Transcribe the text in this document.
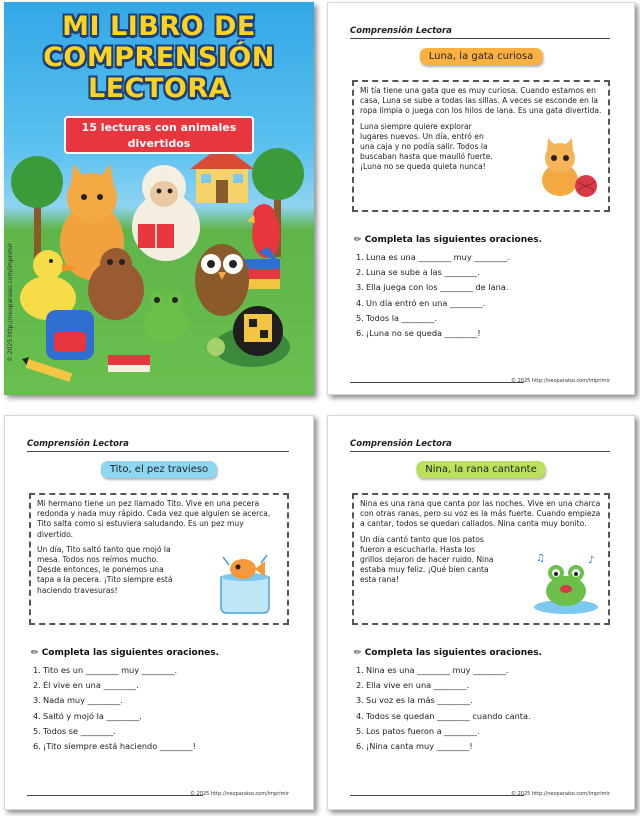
MI LIBRO DE
COMPRENSIÓN
LECTORA
15 lecturas con animales
divertidos
© 2025 http://neoparaiso.com/imprimir
Comprensión Lectora
Luna, la gata curiosa

Mi tía tiene una gata que es muy curiosa. Cuando estamos en casa, Luna se sube a todas las sillas. A veces se esconde en la ropa limpia o juega con los hilos de lana. Es una gata divertida.

Luna siempre quiere explorar lugares nuevos. Un día, entró en una caja y no podía salir. Todos la buscaban hasta que maulló fuerte. ¡Luna no se queda quieta nunca!

✏ Completa las siguientes oraciones.
1. Luna es una ________ muy ________.
2. Luna se sube a las ________.
3. Ella juega con los ________ de lana.
4. Un día entró en una ________.
5. Todos la ________.
6. ¡Luna no se queda ________!
© 2025 http://neoparaiso.com/imprimir
Comprensión Lectora
Tito, el pez travieso

Mi hermano tiene un pez llamado Tito. Vive en una pecera redonda y nada muy rápido. Cada vez que alguien se acerca, Tito salta como si estuviera saludando. Es un pez muy divertido.

Un día, Tito saltó tanto que mojó la mesa. Todos nos reímos mucho. Desde entonces, le ponemos una tapa a la pecera. ¡Tito siempre está haciendo travesuras!

✏ Completa las siguientes oraciones.
1. Tito es un ________ muy ________.
2. Él vive en una ________.
3. Nada muy ________.
4. Saltó y mojó la ________.
5. Todos se ________.
6. ¡Tito siempre está haciendo ________!
© 2025 http://neoparaiso.com/imprimir
Comprensión Lectora
Nina, la rana cantante

Nina es una rana que canta por las noches. Vive en una charca con otras ranas, pero su voz es la más fuerte. Cuando empieza a cantar, todos se quedan callados. Nina canta muy bonito.

Un día cantó tanto que los patos fueron a escucharla. Hasta los grillos dejaron de hacer ruido. Nina estaba muy feliz. ¡Qué bien canta esta rana!

♪
♫
✏ Completa las siguientes oraciones.
1. Nina es una ________ muy ________.
2. Ella vive en una ________.
3. Su voz es la más ________.
4. Todos se quedan ________ cuando canta.
5. Los patos fueron a ________.
6. ¡Nina canta muy ________!
© 2025 http://neoparaiso.com/imprimir
